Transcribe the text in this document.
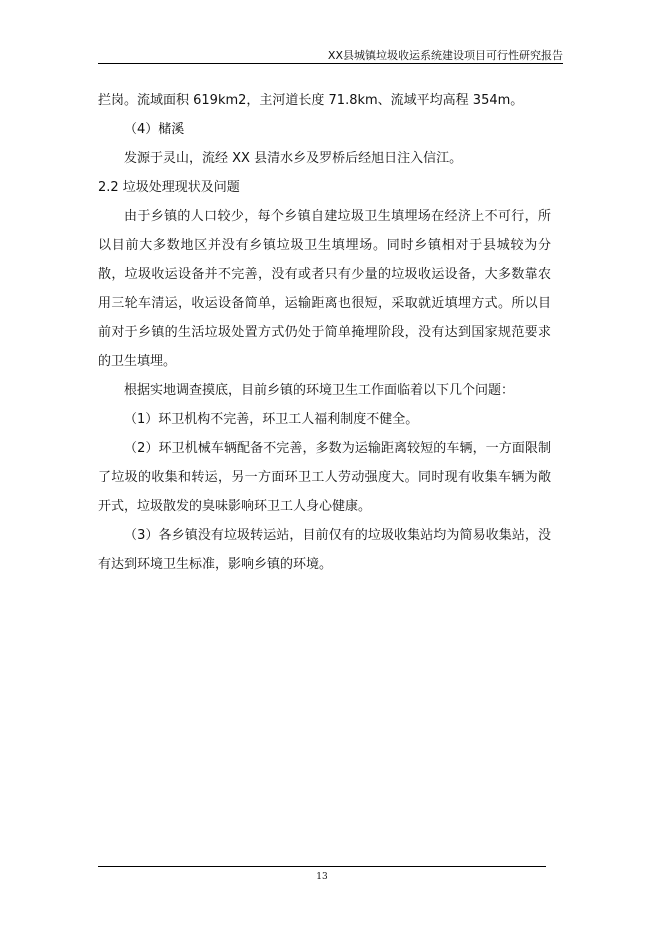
XX县城镇垃圾收运系统建设项目可行性研究报告

拦岗。流域面积 619km2，主河道长度 71.8km、流域平均高程 354m。

（4）槠溪

发源于灵山，流经 XX 县清水乡及罗桥后经旭日注入信江。

2.2 垃圾处理现状及问题

由于乡镇的人口较少，每个乡镇自建垃圾卫生填埋场在经济上不可行，所以目前大多数地区并没有乡镇垃圾卫生填埋场。同时乡镇相对于县城较为分散，垃圾收运设备并不完善，没有或者只有少量的垃圾收运设备，大多数靠农用三轮车清运，收运设备简单，运输距离也很短，采取就近填埋方式。所以目前对于乡镇的生活垃圾处置方式仍处于简单掩埋阶段，没有达到国家规范要求的卫生填埋。

根据实地调查摸底，目前乡镇的环境卫生工作面临着以下几个问题：

（1）环卫机构不完善，环卫工人福利制度不健全。

（2）环卫机械车辆配备不完善，多数为运输距离较短的车辆，一方面限制了垃圾的收集和转运，另一方面环卫工人劳动强度大。同时现有收集车辆为敞开式，垃圾散发的臭味影响环卫工人身心健康。

（3）各乡镇没有垃圾转运站，目前仅有的垃圾收集站均为简易收集站，没有达到环境卫生标准，影响乡镇的环境。

13
